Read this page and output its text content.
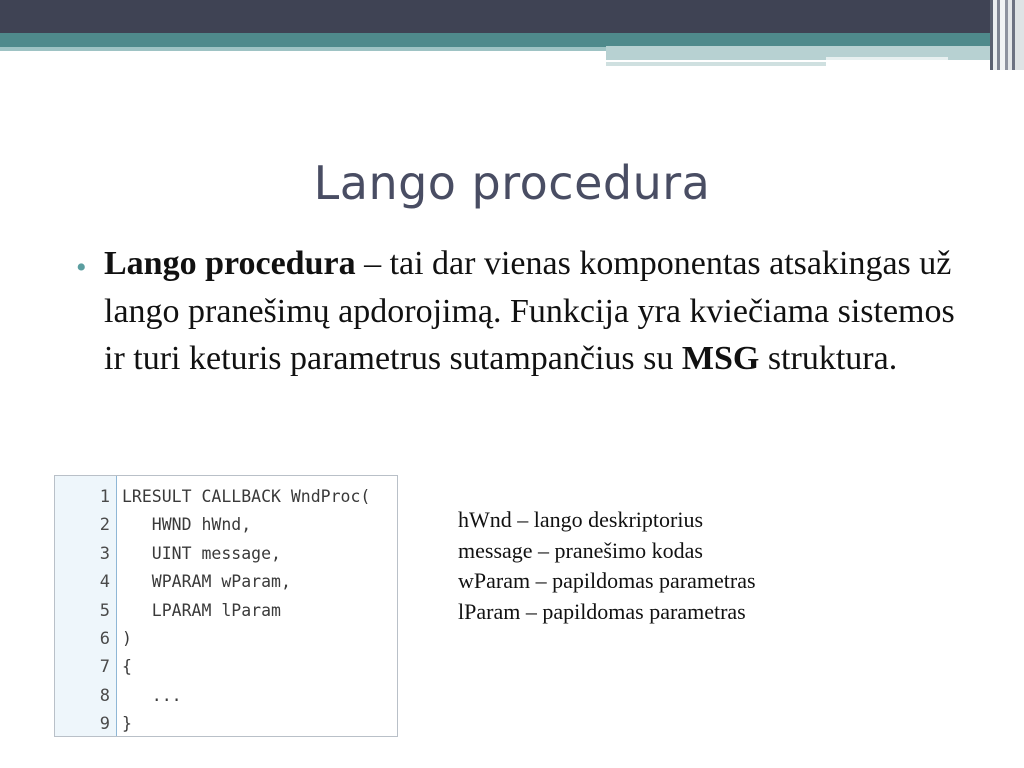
Lango procedura
• Lango procedura – tai dar vienas komponentas atsakingas už lango pranešimų apdorojimą. Funkcija yra kviečiama sistemos ir turi keturis parametrus sutampančius su MSG struktura.
1
2
3
4
5
6
7
8
9
LRESULT CALLBACK WndProc(
HWND hWnd,
UINT message,
WPARAM wParam,
LPARAM lParam
)
{
...
}
hWnd – lango deskriptorius
message – pranešimo kodas
wParam – papildomas parametras
lParam – papildomas parametras
